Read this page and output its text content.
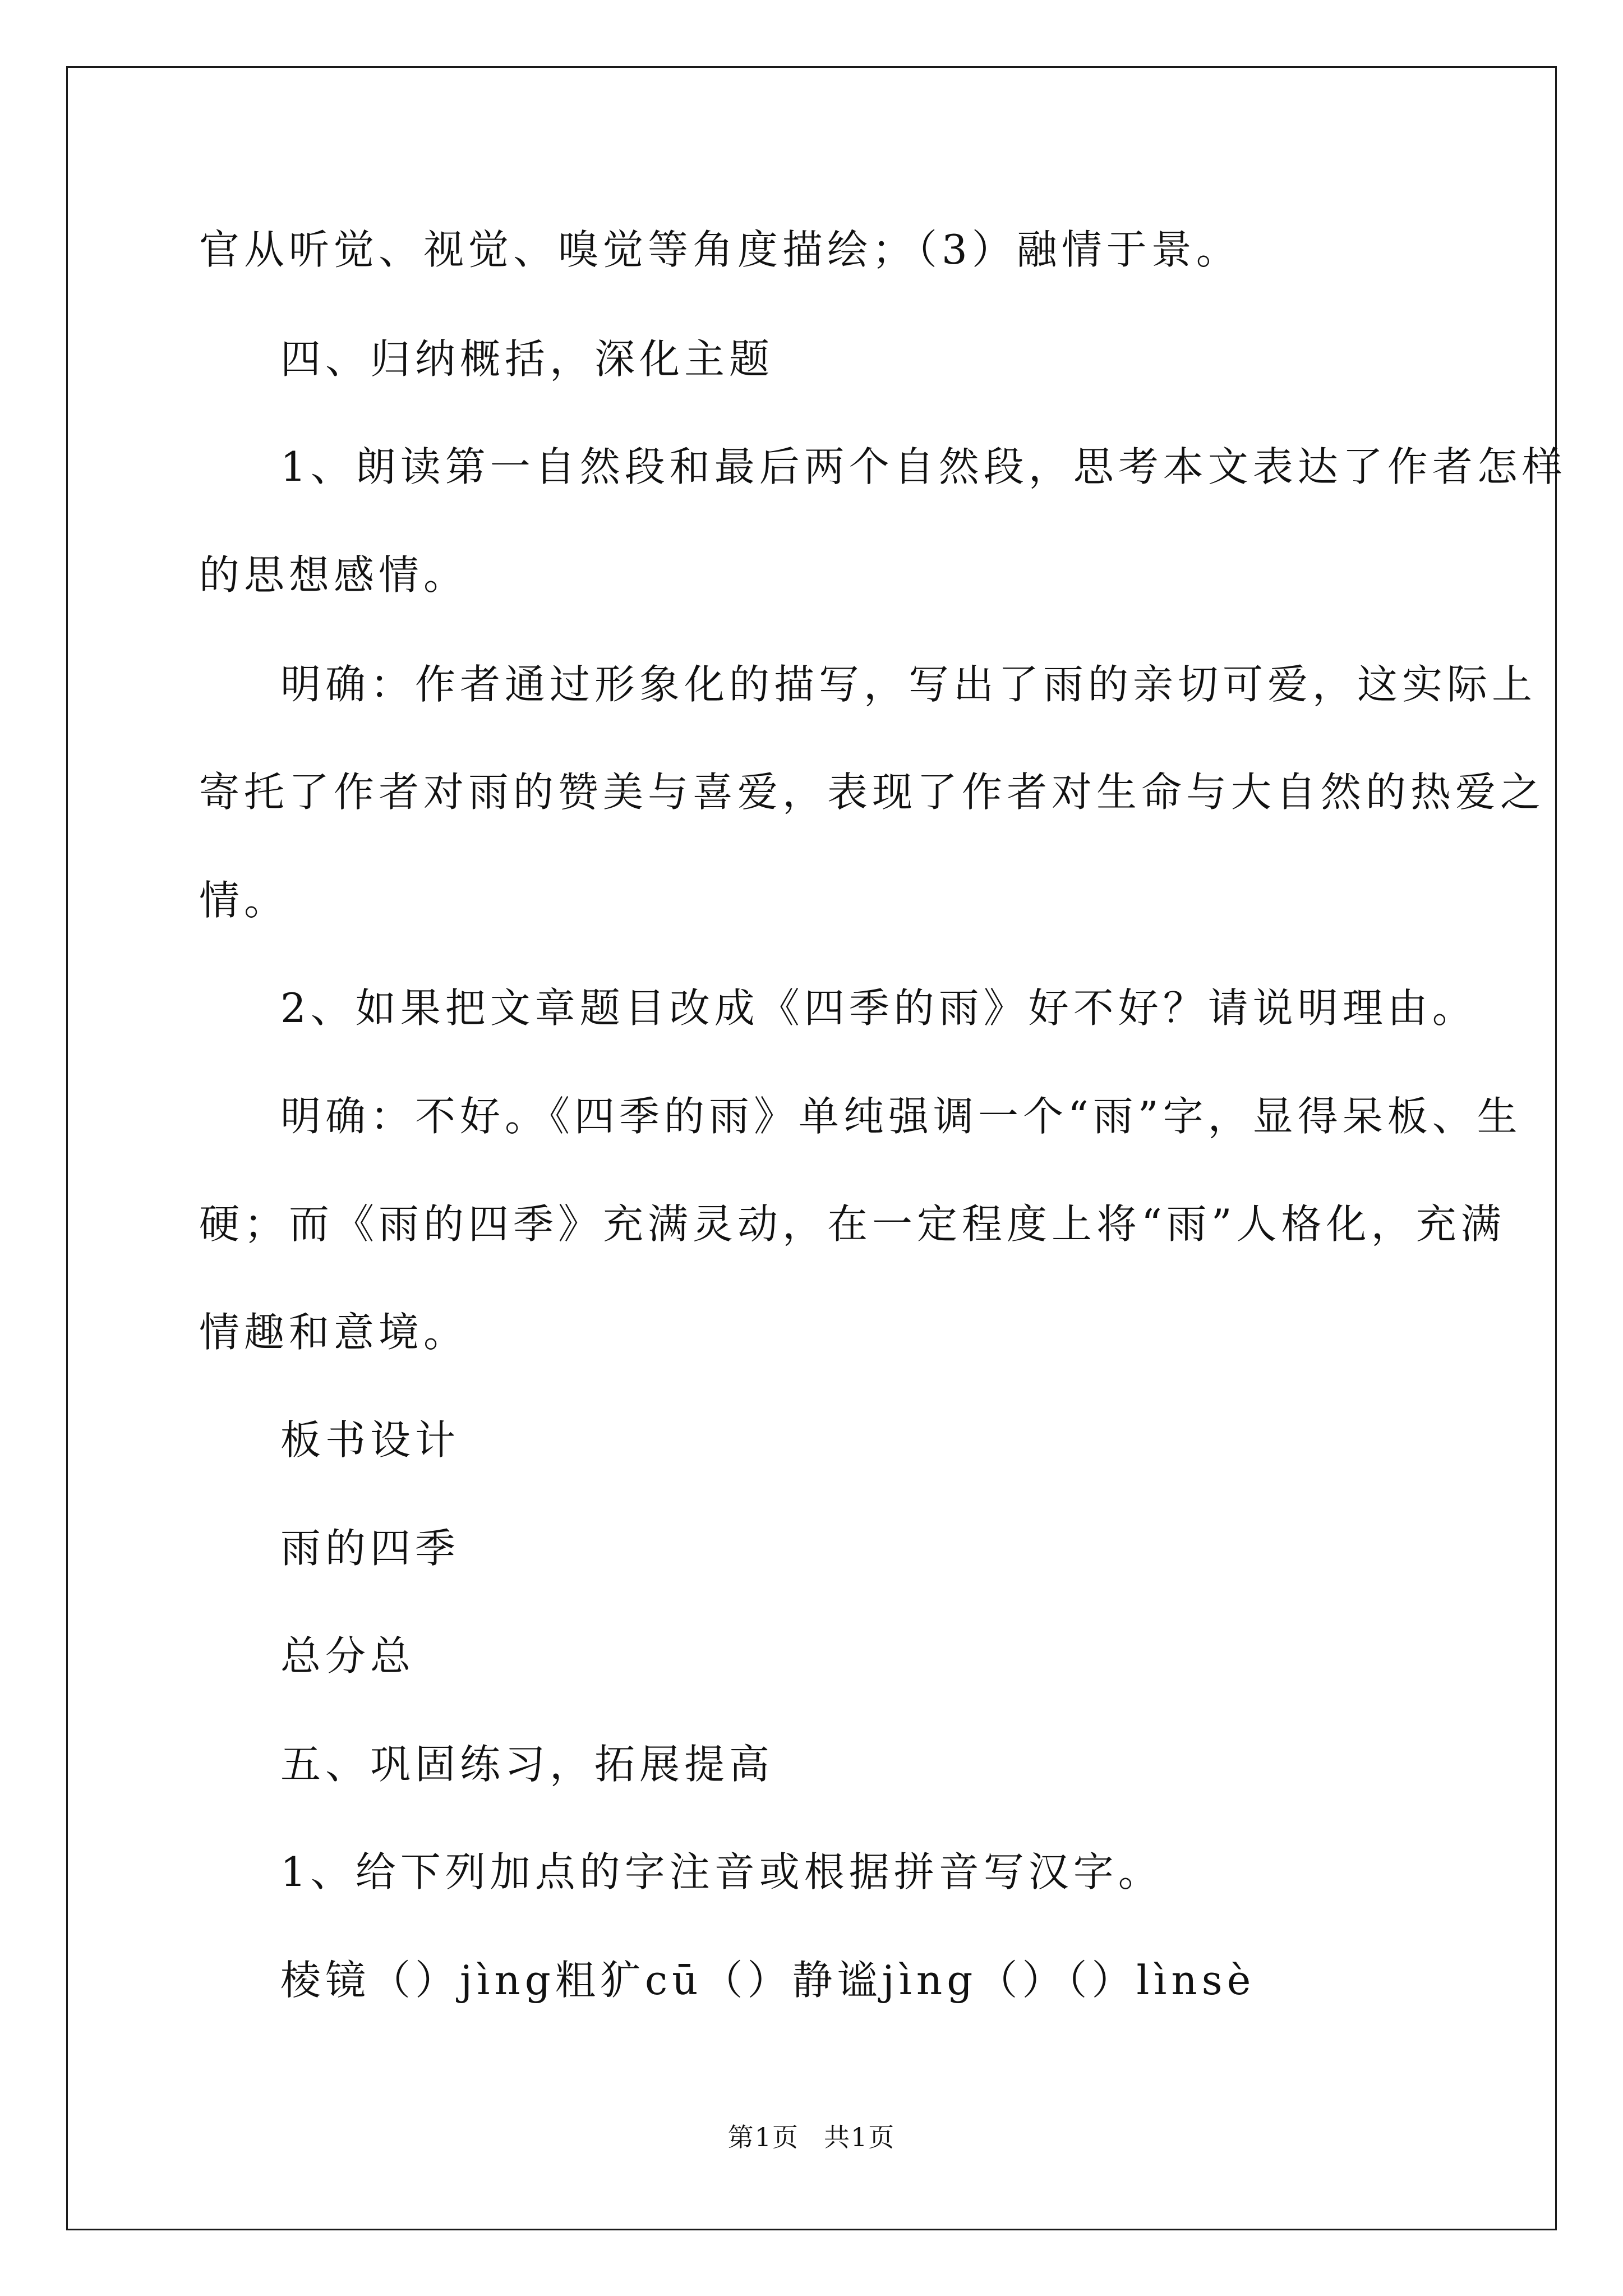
官从听觉、视觉、嗅觉等角度描绘；（3）融情于景。

四、归纳概括，深化主题

1、朗读第一自然段和最后两个自然段，思考本文表达了作者怎样

的思想感情。

明确：作者通过形象化的描写，写出了雨的亲切可爱，这实际上

寄托了作者对雨的赞美与喜爱，表现了作者对生命与大自然的热爱之

情。

2、如果把文章题目改成《四季的雨》好不好？请说明理由。

明确：不好。《四季的雨》单纯强调一个“雨”字，显得呆板、生

硬；而《雨的四季》充满灵动，在一定程度上将“雨”人格化，充满

情趣和意境。

板书设计

雨的四季

总分总

五、巩固练习，拓展提高

1、给下列加点的字注音或根据拼音写汉字。

棱镜（）jìng粗犷cū（）静谧jìng（）（）lìnsè

第1页 共1页
